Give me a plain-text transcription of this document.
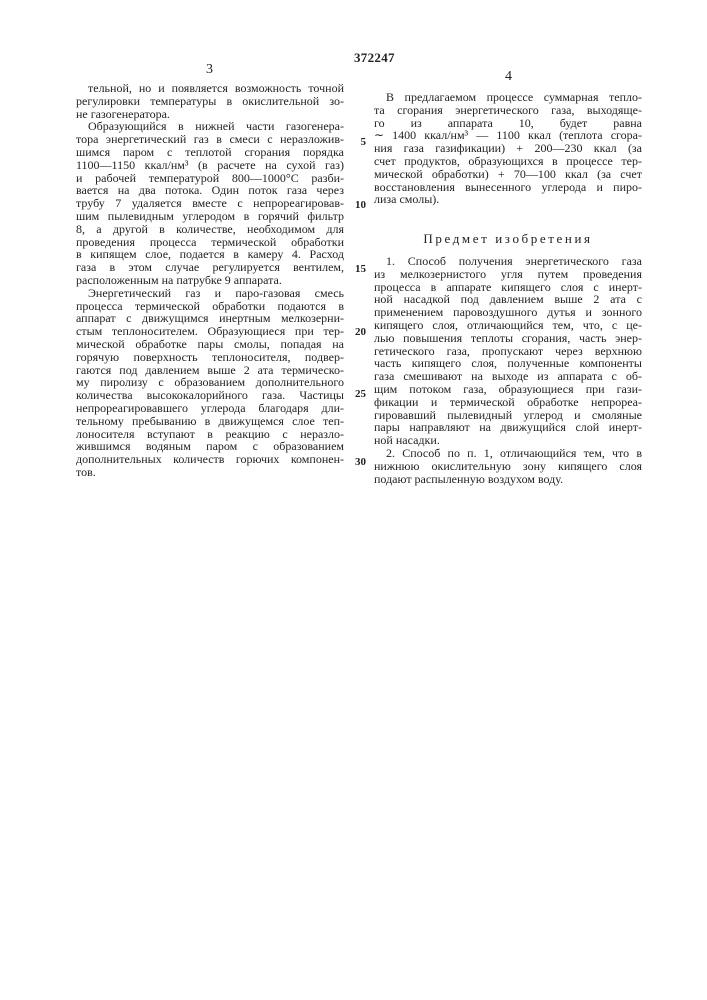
372247
3	4
тельной, но и появляется возможность точной
регулировки температуры в окислительной зо-
не газогенератора.
Образующийся в нижней части газогенера-
тора энергетический газ в смеси с неразложив-
шимся паром с теплотой сгорания порядка
1100—1150 ккал/нм³ (в расчете на сухой газ)
и рабочей температурой 800—1000°С разби-
вается на два потока. Один поток газа через
трубу 7 удаляется вместе с непрореагировав-
шим пылевидным углеродом в горячий фильтр
8, а другой в количестве, необходимом для
проведения процесса термической обработки
в кипящем слое, подается в камеру 4. Расход
газа в этом случае регулируется вентилем,
расположенным на патрубке 9 аппарата.
Энергетический газ и паро-газовая смесь
процесса термической обработки подаются в
аппарат с движущимся инертным мелкозерни-
стым теплоносителем. Образующиеся при тер-
мической обработке пары смолы, попадая на
горячую поверхность теплоносителя, подвер-
гаются под давлением выше 2 ата термическо-
му пиролизу с образованием дополнительного
количества высококалорийного газа. Частицы
непрореагировавшего углерода благодаря дли-
тельному пребыванию в движущемся слое теп-
лоносителя вступают в реакцию с неразло-
жившимся водяным паром с образованием
дополнительных количеств горючих компонен-
тов.
В предлагаемом процессе суммарная тепло-
та сгорания энергетического газа, выходяще-
го из аппарата 10, будет равна
∼ 1400 ккал/нм³ — 1100 ккал (теплота сгора-
ния газа газификации) + 200—230 ккал (за
счет продуктов, образующихся в процессе тер-
мической обработки) + 70—100 ккал (за счет
восстановления вынесенного углерода и пиро-
лиза смолы).
Предмет изобретения
1. Способ получения энергетического газа
из мелкозернистого угля путем проведения
процесса в аппарате кипящего слоя с инерт-
ной насадкой под давлением выше 2 ата с
применением паровоздушного дутья и зонного
кипящего слоя, отличающийся тем, что, с це-
лью повышения теплоты сгорания, часть энер-
гетического газа, пропускают через верхнюю
часть кипящего слоя, полученные компоненты
газа смешивают на выходе из аппарата с об-
щим потоком газа, образующиеся при гази-
фикации и термической обработке непрореа-
гировавший пылевидный углерод и смоляные
пары направляют на движущийся слой инерт-
ной насадки.
2. Способ по п. 1, отличающийся тем, что в
нижнюю окислительную зону кипящего слоя
подают распыленную воздухом воду.
5
10
15
20
25
30
